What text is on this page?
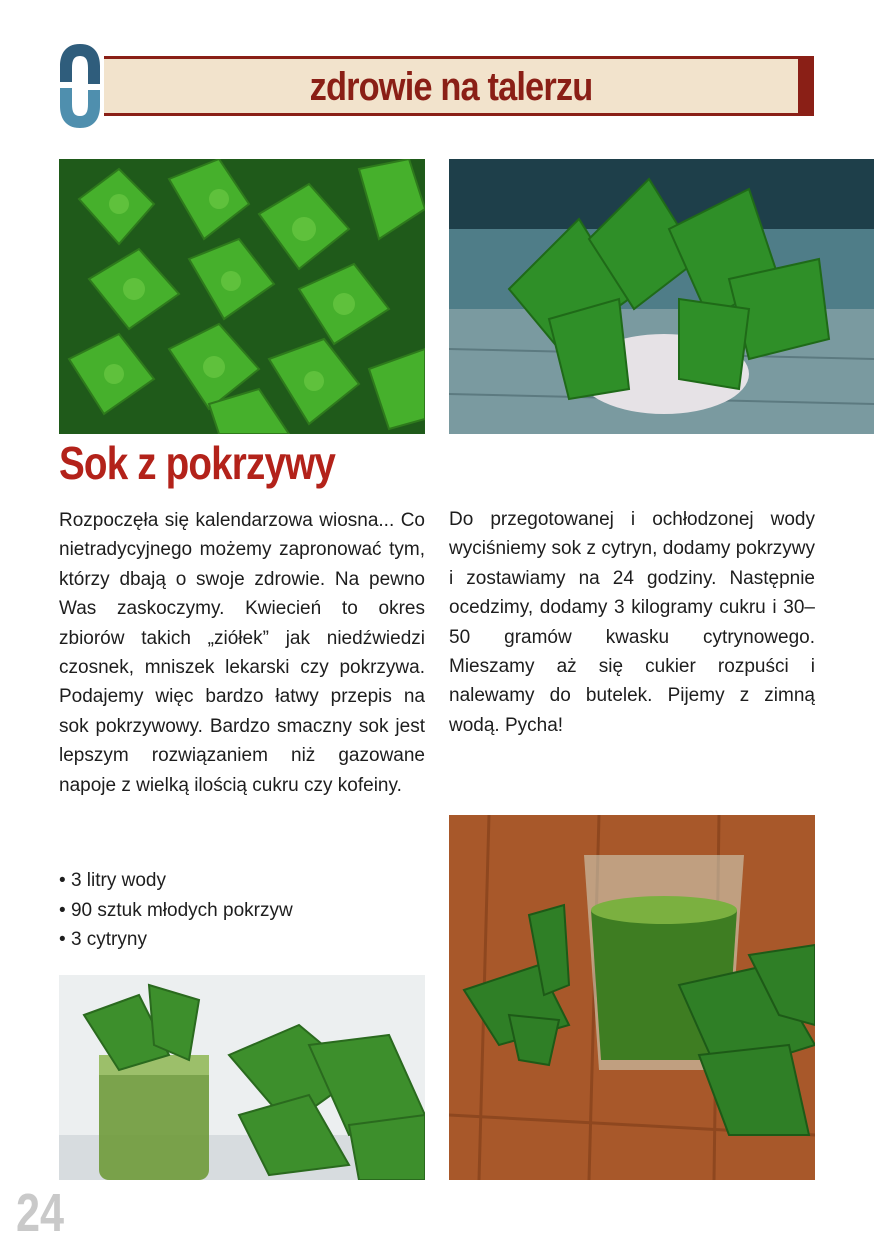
zdrowie na talerzu
Sok z pokrzywy

Rozpoczęła się kalendarzowa wiosna... Co nietradycyjnego możemy zapronować tym, którzy dbają o swoje zdrowie. Na pewno Was zaskoczymy. Kwiecień to okres zbiorów takich „ziółek” jak niedźwiedzi czosnek, mniszek lekarski czy pokrzywa. Podajemy więc bardzo łatwy przepis na sok pokrzywowy. Bardzo smaczny sok jest lepszym rozwiązaniem niż gazowane napoje z wielką ilością cukru czy kofeiny.

• 3 litry wody
• 90 sztuk młodych pokrzyw
• 3 cytryny

Do przegotowanej i ochłodzonej wody wyciśniemy sok z cytryn, dodamy pokrzywy i zostawiamy na 24 godziny. Następnie ocedzimy, dodamy 3 kilogramy cukru i 30–50 gramów kwasku cytrynowego. Mieszamy aż się cukier rozpuści i nalewamy do butelek. Pijemy z zimną wodą. Pycha!

24
